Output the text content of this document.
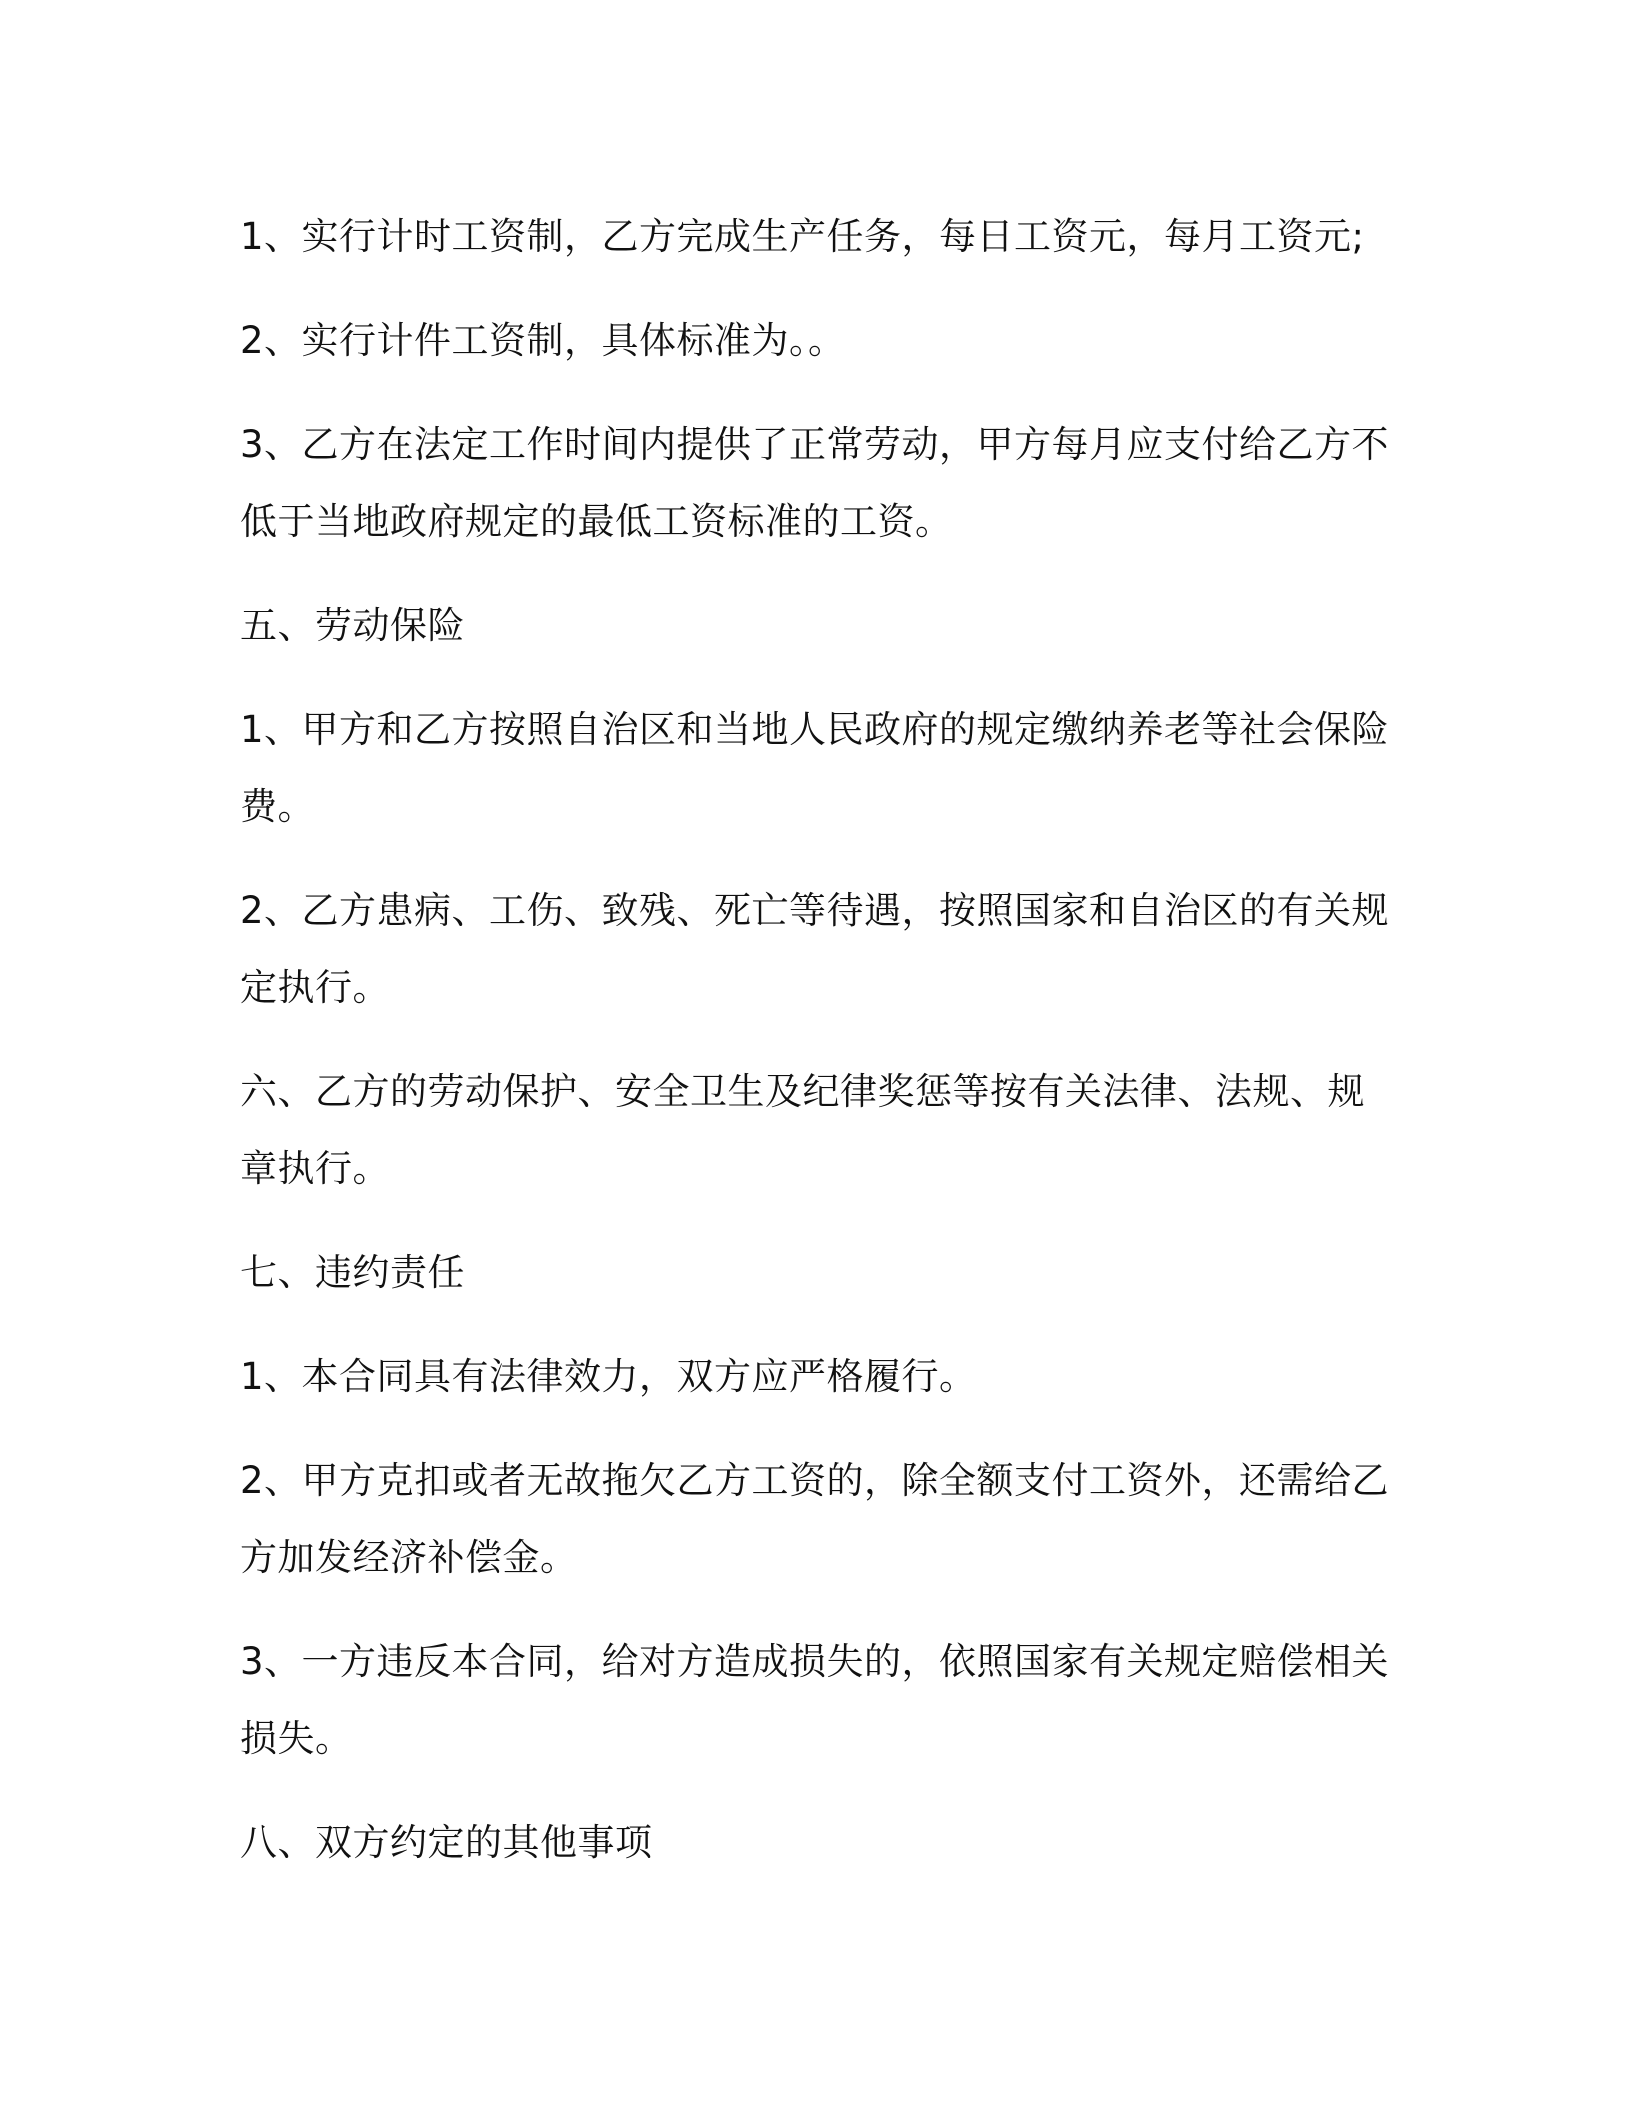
1、实行计时工资制，乙方完成生产任务，每日工资元，每月工资元;

2、实行计件工资制，具体标准为。。

3、乙方在法定工作时间内提供了正常劳动，甲方每月应支付给乙方不低于当地政府规定的最低工资标准的工资。

五、劳动保险

1、甲方和乙方按照自治区和当地人民政府的规定缴纳养老等社会保险费。

2、乙方患病、工伤、致残、死亡等待遇，按照国家和自治区的有关规定执行。

六、乙方的劳动保护、安全卫生及纪律奖惩等按有关法律、法规、规章执行。

七、违约责任

1、本合同具有法律效力，双方应严格履行。

2、甲方克扣或者无故拖欠乙方工资的，除全额支付工资外，还需给乙方加发经济补偿金。

3、一方违反本合同，给对方造成损失的，依照国家有关规定赔偿相关损失。

八、双方约定的其他事项
